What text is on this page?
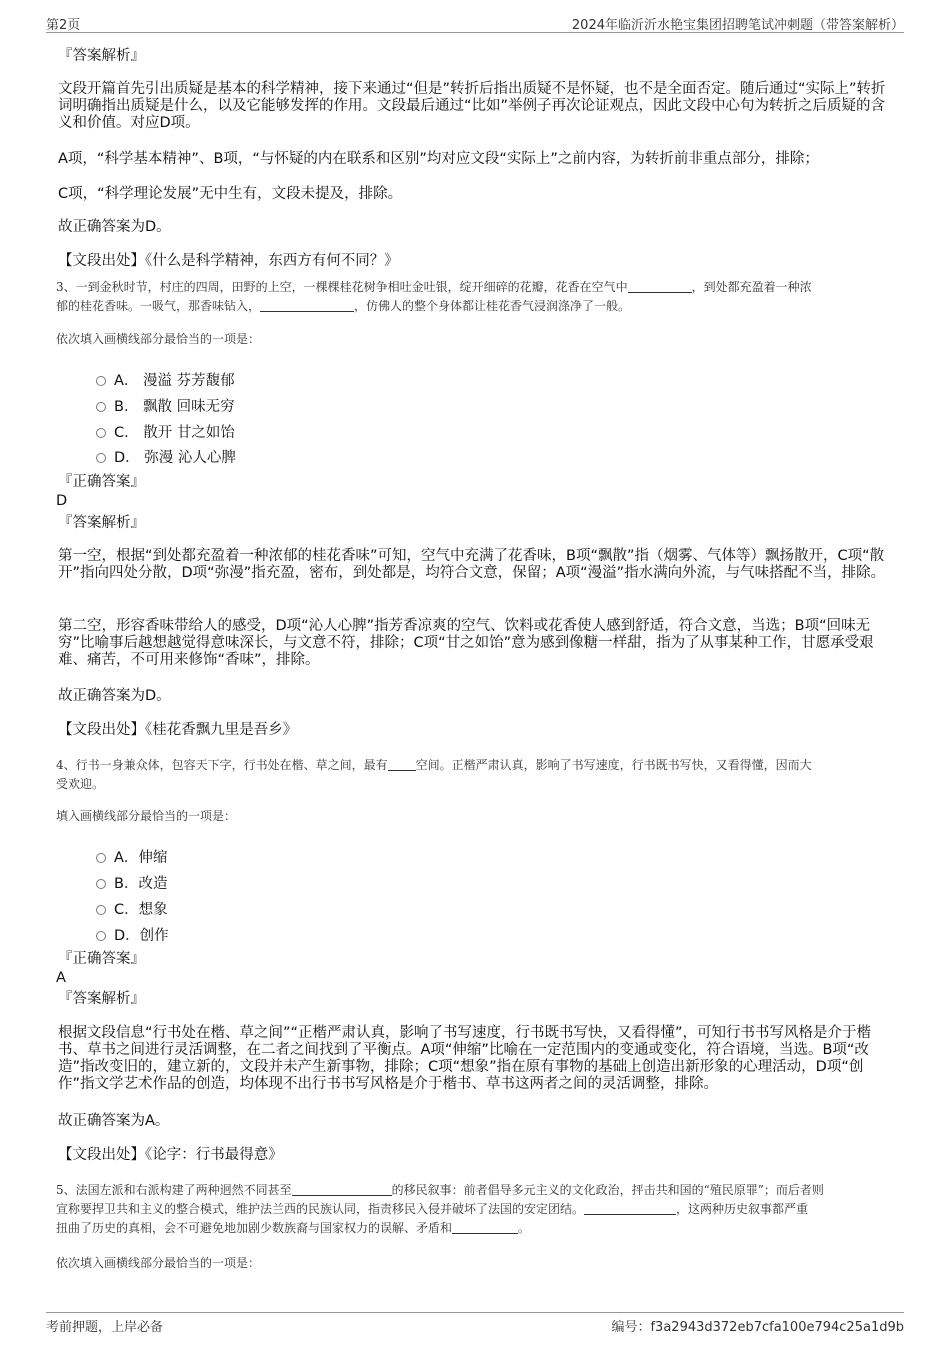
第2页	2024年临沂沂水艳宝集团招聘笔试冲刺题（带答案解析）
『答案解析』
文段开篇首先引出质疑是基本的科学精神，接下来通过“但是”转折后指出质疑不是怀疑，也不是全面否定。随后通过“实际上”转折词明确指出质疑是什么，以及它能够发挥的作用。文段最后通过“比如”举例子再次论证观点，因此文段中心句为转折之后质疑的含义和价值。对应D项。
A项，“科学基本精神”、B项，“与怀疑的内在联系和区别”均对应文段“实际上”之前内容，为转折前非重点部分，排除；
C项，“科学理论发展”无中生有，文段未提及，排除。
故正确答案为D。
【文段出处】《什么是科学精神，东西方有何不同？》
3、一到金秋时节，村庄的四周，田野的上空，一棵棵桂花树争相吐金吐银，绽开细碎的花瓣，花香在空气中	，到处都充盈着一种浓
郁的桂花香味。一吸气，那香味钻入，	，仿佛人的整个身体都让桂花香气浸润涤净了一般。
依次填入画横线部分最恰当的一项是：
A． 漫溢 芬芳馥郁
B． 飘散 回味无穷
C． 散开 甘之如饴
D． 弥漫 沁人心脾
『正确答案』
D
『答案解析』
第一空，根据“到处都充盈着一种浓郁的桂花香味”可知，空气中充满了花香味，B项“飘散”指（烟雾、气体等）飘扬散开，C项“散开”指向四处分散，D项“弥漫”指充盈，密布，到处都是，均符合文意，保留；A项“漫溢”指水满向外流，与气味搭配不当，排除。
第二空，形容香味带给人的感受，D项“沁人心脾”指芳香凉爽的空气、饮料或花香使人感到舒适，符合文意，当选；B项“回味无穷”比喻事后越想越觉得意味深长，与文意不符，排除；C项“甘之如饴”意为感到像糖一样甜，指为了从事某种工作，甘愿承受艰难、痛苦，不可用来修饰“香味”，排除。
故正确答案为D。
【文段出处】《桂花香飘九里是吾乡》
4、行书一身兼众体，包容天下字，行书处在楷、草之间，最有 空间。正楷严肃认真，影响了书写速度，行书既书写快，又看得懂，因而大
受欢迎。
填入画横线部分最恰当的一项是：
A．伸缩
B．改造
C．想象
D．创作
『正确答案』
A
『答案解析』
根据文段信息“行书处在楷、草之间”“正楷严肃认真，影响了书写速度，行书既书写快，又看得懂”，可知行书书写风格是介于楷书、草书之间进行灵活调整，在二者之间找到了平衡点。A项“伸缩”比喻在一定范围内的变通或变化，符合语境，当选。B项“改造”指改变旧的，建立新的，文段并未产生新事物，排除；C项“想象”指在原有事物的基础上创造出新形象的心理活动，D项“创作”指文学艺术作品的创造，均体现不出行书书写风格是介于楷书、草书这两者之间的灵活调整，排除。
故正确答案为A。
【文段出处】《论字：行书最得意》
5、法国左派和右派构建了两种迥然不同甚至	的移民叙事：前者倡导多元主义的文化政治，抨击共和国的“殖民原罪”；而后者则
宣称要捍卫共和主义的整合模式，维护法兰西的民族认同，指责移民入侵并破坏了法国的安定团结。	，这两种历史叙事都严重
扭曲了历史的真相，会不可避免地加剧少数族裔与国家权力的误解、矛盾和	。
依次填入画横线部分最恰当的一项是：
考前押题，上岸必备	编号：f3a2943d372eb7cfa100e794c25a1d9b
